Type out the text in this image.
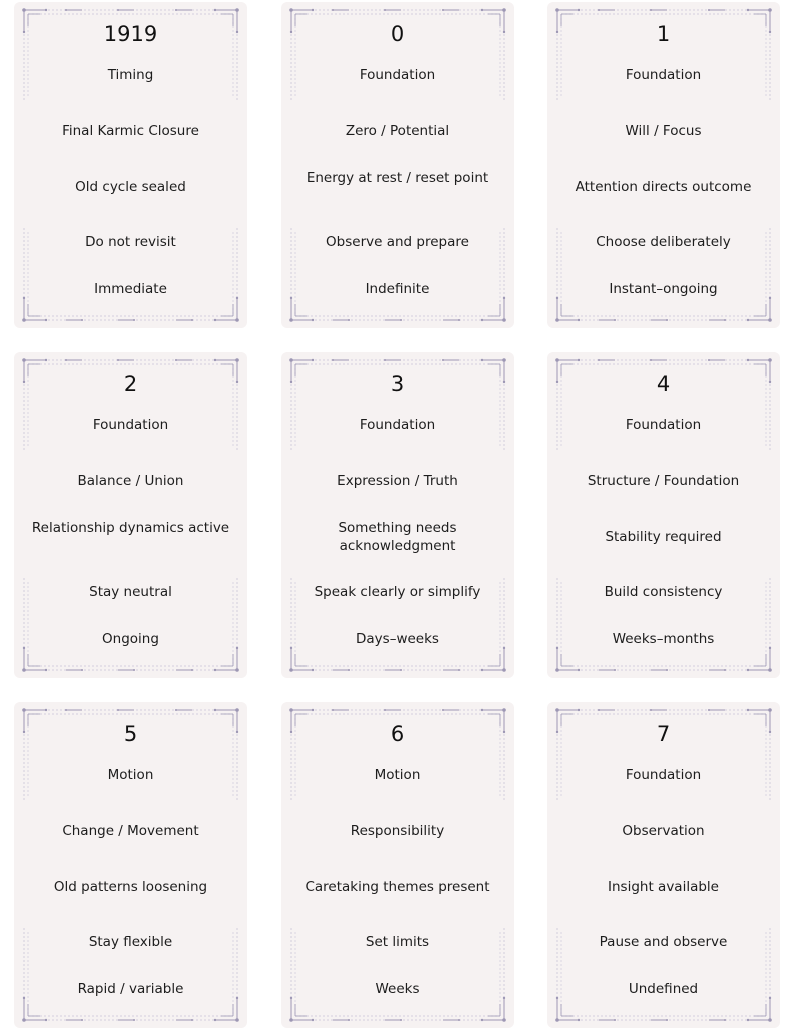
1919
Timing
Final Karmic Closure
Old cycle sealed
Do not revisit
Immediate
0
Foundation
Zero / Potential
Energy at rest / reset point
Observe and prepare
Indefinite
1
Foundation
Will / Focus
Attention directs outcome
Choose deliberately
Instant–ongoing
2
Foundation
Balance / Union
Relationship dynamics active
Stay neutral
Ongoing
3
Foundation
Expression / Truth
Something needs acknowledgment
Speak clearly or simplify
Days–weeks
4
Foundation
Structure / Foundation
Stability required
Build consistency
Weeks–months
5
Motion
Change / Movement
Old patterns loosening
Stay flexible
Rapid / variable
6
Motion
Responsibility
Caretaking themes present
Set limits
Weeks
7
Foundation
Observation
Insight available
Pause and observe
Undefined
